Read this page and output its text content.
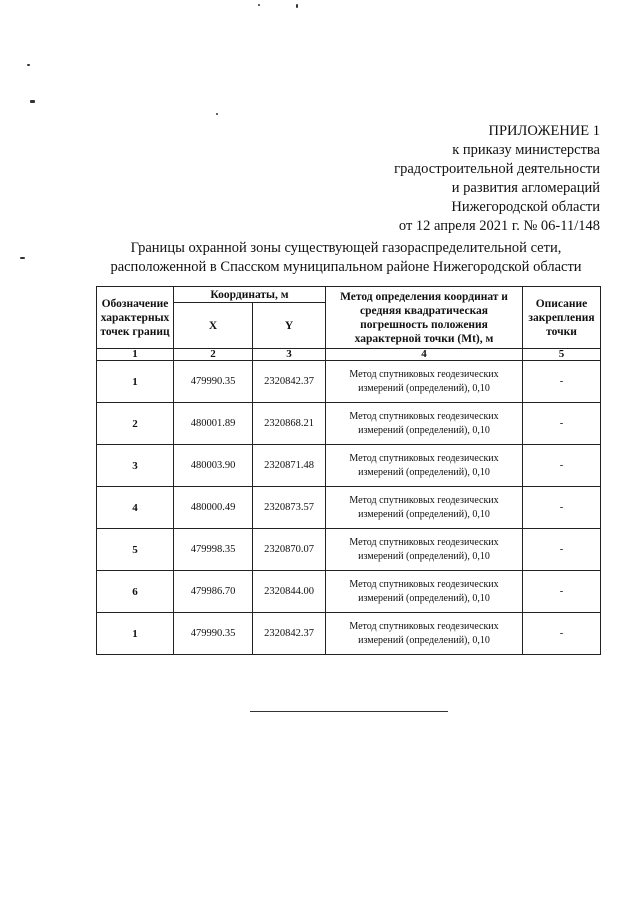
ПРИЛОЖЕНИЕ 1
к приказу министерства
градостроительной деятельности
и развития агломераций
Нижегородской области
от 12 апреля 2021 г. № 06-11/148
Границы охранной зоны существующей газораспределительной сети,
расположенной в Спасском муниципальном районе Нижегородской области
Обозначение характерных точек границ	Координаты, м		Метод определения координат и средняя квадратическая погрешность положения характерной точки (Mt), м	Описание закрепления точки
	X	Y		
1	2	3	4	5
1	479990.35	2320842.37	Метод спутниковых геодезических измерений (определений), 0,10	-
2	480001.89	2320868.21	Метод спутниковых геодезических измерений (определений), 0,10	-
3	480003.90	2320871.48	Метод спутниковых геодезических измерений (определений), 0,10	-
4	480000.49	2320873.57	Метод спутниковых геодезических измерений (определений), 0,10	-
5	479998.35	2320870.07	Метод спутниковых геодезических измерений (определений), 0,10	-
6	479986.70	2320844.00	Метод спутниковых геодезических измерений (определений), 0,10	-
1	479990.35	2320842.37	Метод спутниковых геодезических измерений (определений), 0,10	-
